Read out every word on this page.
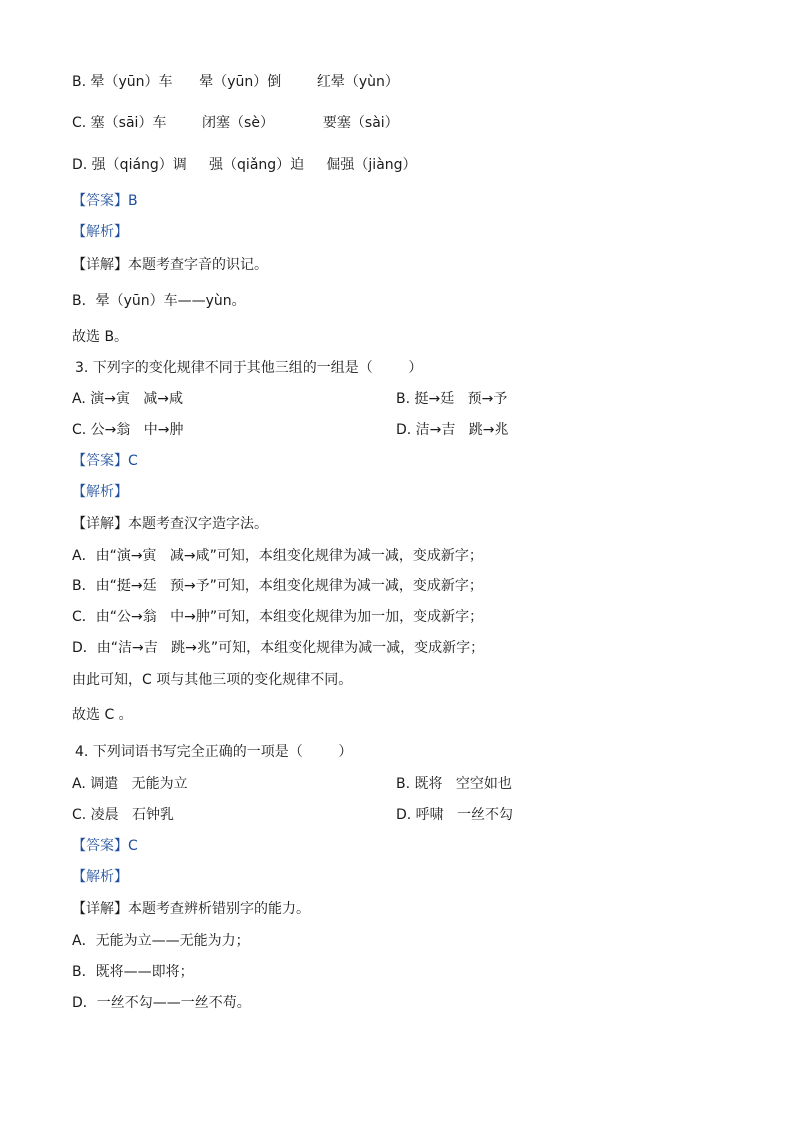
B. 晕（yūn）车      晕（yūn）倒        红晕（yùn）
C. 塞（sāi）车        闭塞（sè）           要塞（sài）
D. 强（qiáng）调     强（qiǎng）迫     倔强（jiàng）
【答案】B
【解析】
【详解】本题考查字音的识记。
B．晕（yūn）车——yùn。
故选 B。
3. 下列字的变化规律不同于其他三组的一组是（        ）
A. 演→寅   减→咸	B. 挺→廷   预→予
C. 公→翁   中→肿	D. 洁→吉   跳→兆
【答案】C
【解析】
【详解】本题考查汉字造字法。
A．由“演→寅   减→咸”可知，本组变化规律为减一减，变成新字；
B．由“挺→廷   预→予”可知，本组变化规律为减一减，变成新字；
C．由“公→翁   中→肿”可知，本组变化规律为加一加，变成新字；
D．由“洁→吉   跳→兆”可知，本组变化规律为减一减，变成新字；
由此可知，C 项与其他三项的变化规律不同。
故选 C 。
4. 下列词语书写完全正确的一项是（        ）
A. 调遣   无能为立	B. 既将   空空如也
C. 凌晨   石钟乳	D. 呼啸   一丝不勾
【答案】C
【解析】
【详解】本题考查辨析错别字的能力。
A．无能为立——无能为力；
B．既将——即将；
D．一丝不勾——一丝不苟。
